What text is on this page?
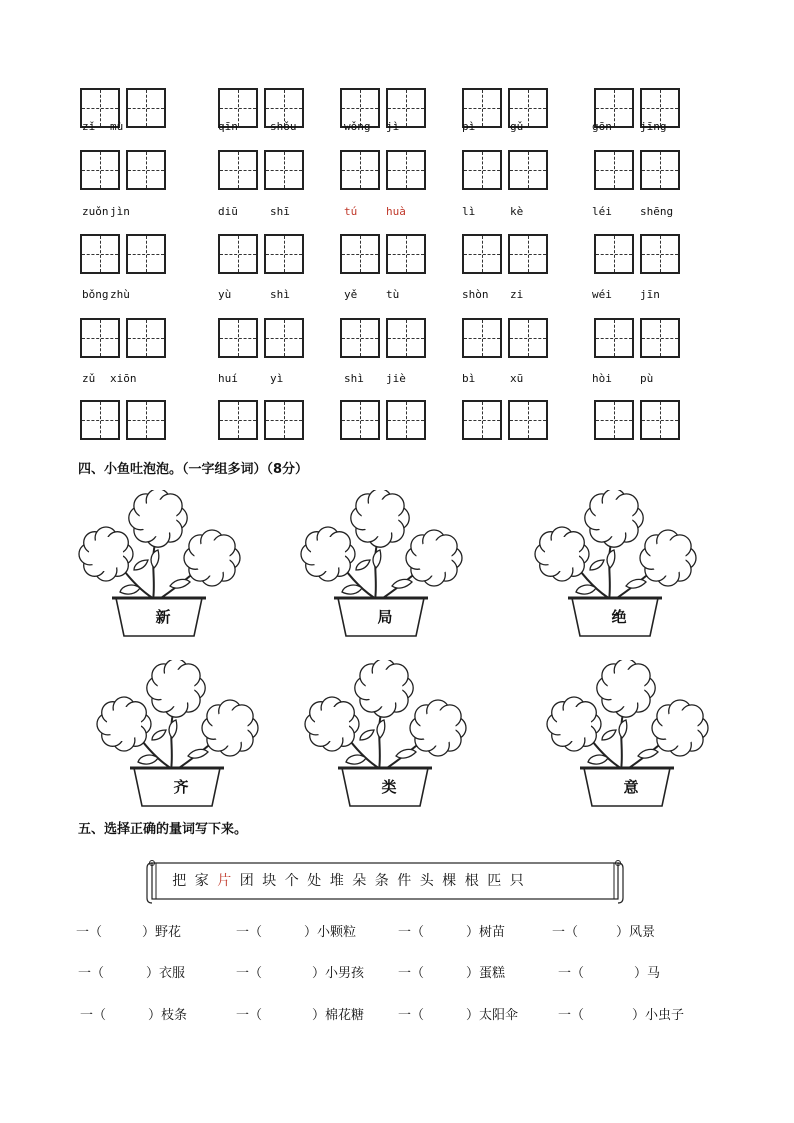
zǐ mù	qīn	shǒu	wǒng jì	pì	gǔ	gōn	jīng
zuǒn jìn	diū	shī	tú	huà	lì	kè	léi	shēng
bǒng zhù	yù	shì	yě	tù	shòn zi	wéi	jīn
zǔ xiōn	huí	yì	shì jiè	bì	xū	hòi	pù
四、小鱼吐泡泡。（一字组多词）（8分）
新	局	绝
齐	类	意
五、选择正确的量词写下来。
把 家 片 团 块 个 处 堆 朵 条 件 头 棵 根 匹 只
一（	）野花	一（	）小颗粒	一（	）树苗	一（	）风景
一（	）衣服	一（	）小男孩	一（	）蛋糕	一（	）马
一（	）枝条	一（	）棉花糖	一（	）太阳伞	一（	）小虫子
